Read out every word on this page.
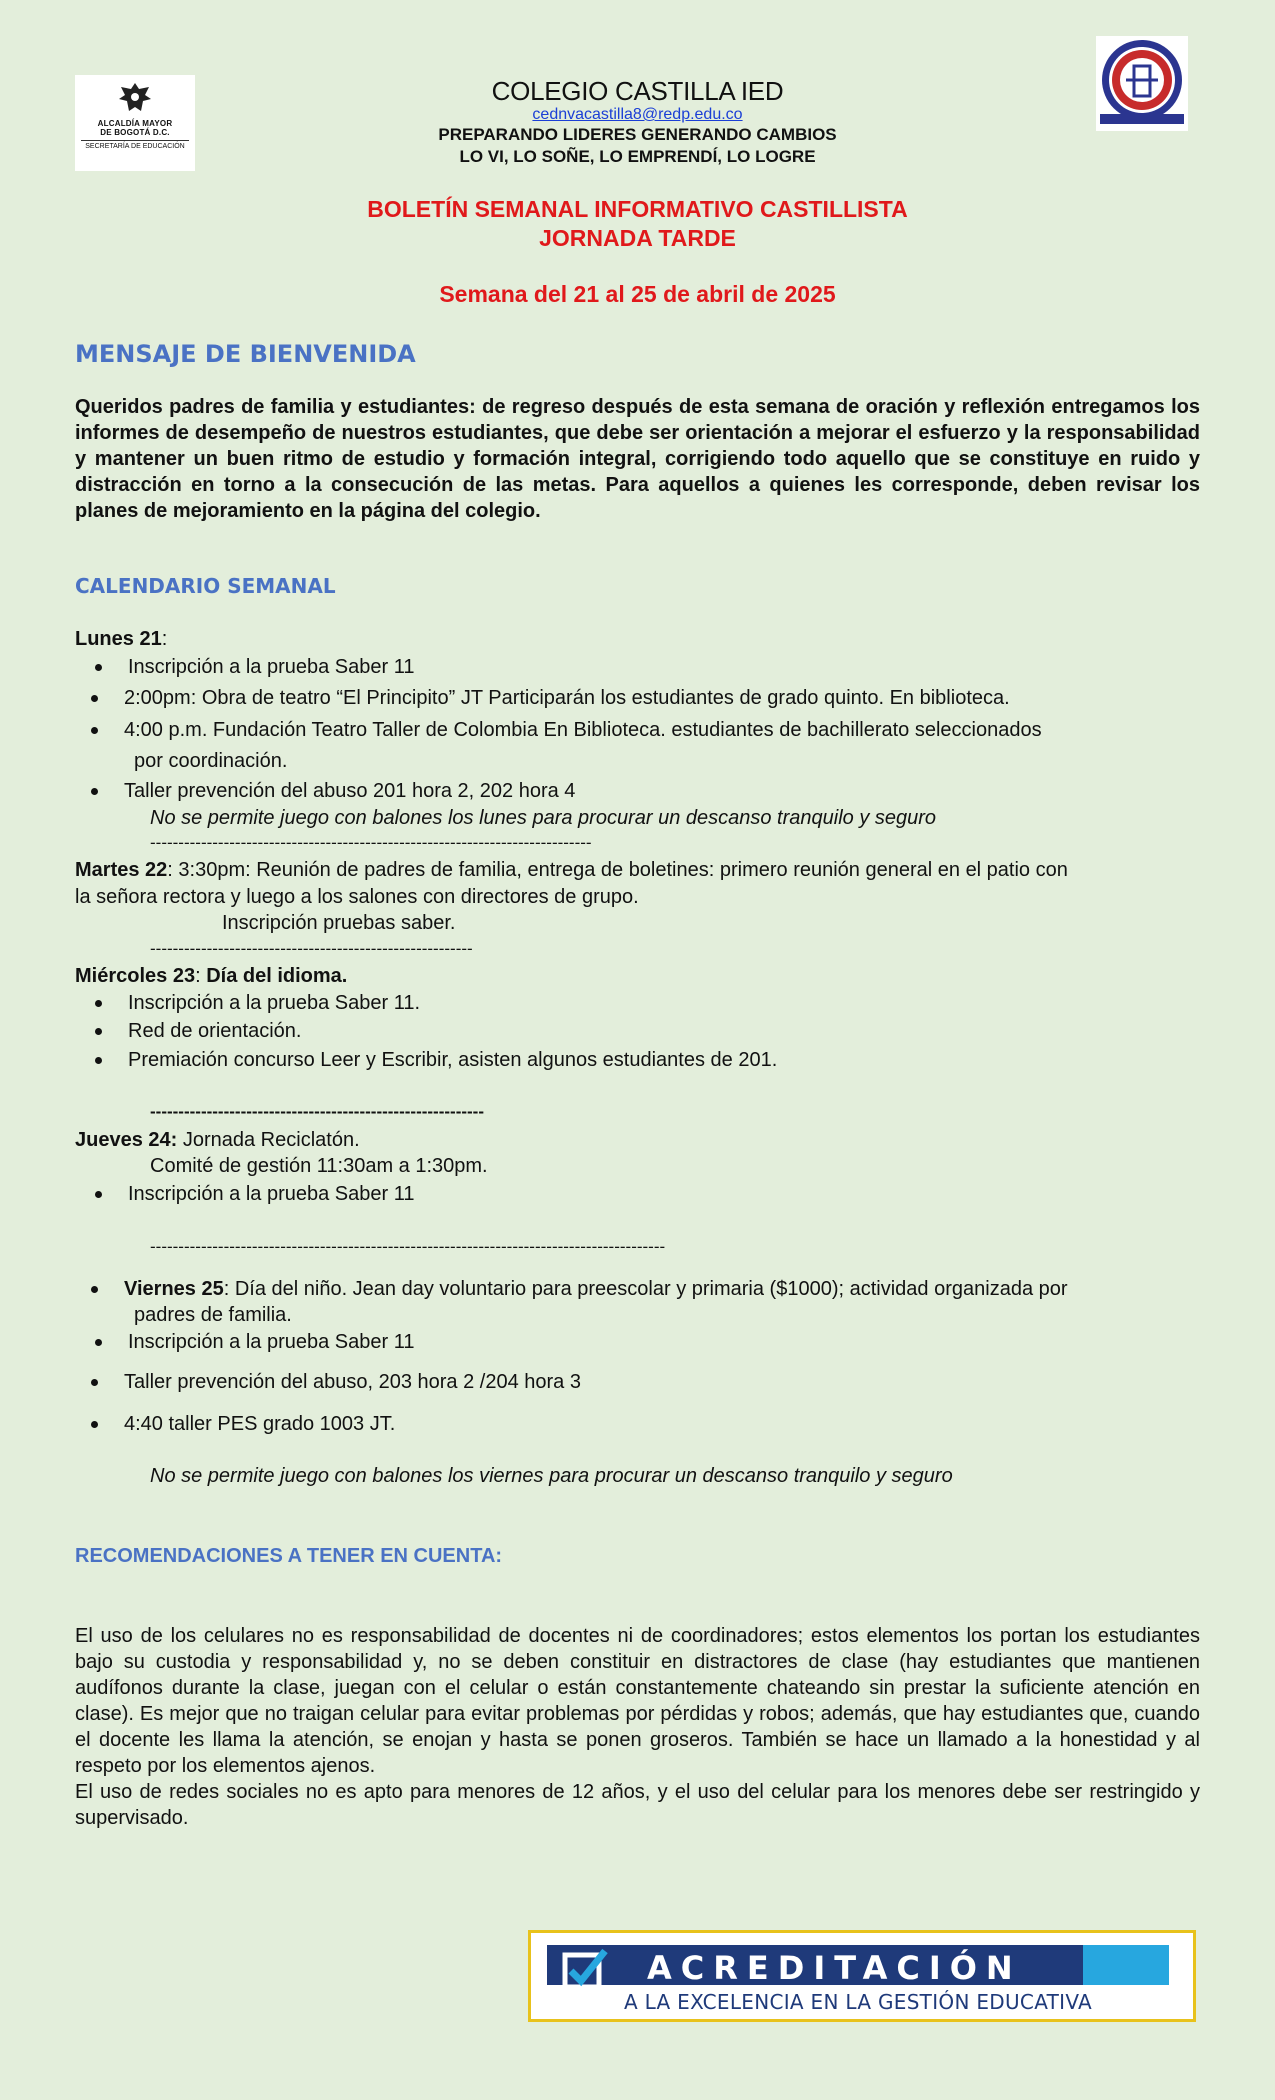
ALCALDÍA MAYOR
DE BOGOTÁ D.C.
SECRETARÍA DE EDUCACIÓN
COLEGIO CASTILLA IED
cednvacastilla8@redp.edu.co
PREPARANDO LIDERES GENERANDO CAMBIOS
LO VI, LO SOÑE, LO EMPRENDÍ, LO LOGRE
BOLETÍN SEMANAL INFORMATIVO CASTILLISTA
JORNADA TARDE
Semana del 21 al 25 de abril de 2025
MENSAJE DE BIENVENIDA
Queridos padres de familia y estudiantes: de regreso después de esta semana de oración y reflexión entregamos los informes de desempeño de nuestros estudiantes, que debe ser orientación a mejorar el esfuerzo y la responsabilidad y mantener un buen ritmo de estudio y formación integral, corrigiendo todo aquello que se constituye en ruido y distracción en torno a la consecución de las metas. Para aquellos a quienes les corresponde, deben revisar los planes de mejoramiento en la página del colegio.
CALENDARIO SEMANAL
Lunes 21:
Inscripción a la prueba Saber 11
2:00pm: Obra de teatro “El Principito” JT Participarán los estudiantes de grado quinto. En biblioteca.
4:00 p.m. Fundación Teatro Taller de Colombia En Biblioteca. estudiantes de bachillerato seleccionados
por coordinación.
Taller prevención del abuso 201 hora 2, 202 hora 4
No se permite juego con balones los lunes para procurar un descanso tranquilo y seguro
------------------------------------------------------------------------------
Martes 22: 3:30pm: Reunión de padres de familia, entrega de boletines: primero reunión general en el patio con
la señora rectora y luego a los salones con directores de grupo.
Inscripción pruebas saber.
---------------------------------------------------------
Miércoles 23: Día del idioma.
Inscripción a la prueba Saber 11.
Red de orientación.
Premiación concurso Leer y Escribir, asisten algunos estudiantes de 201.
-----------------------------------------------------------
Jueves 24: Jornada Reciclatón.
Comité de gestión 11:30am a 1:30pm.
Inscripción a la prueba Saber 11
-------------------------------------------------------------------------------------------
Viernes 25: Día del niño. Jean day voluntario para preescolar y primaria ($1000); actividad organizada por
padres de familia.
Inscripción a la prueba Saber 11
Taller prevención del abuso, 203 hora 2 /204 hora 3
4:40 taller PES grado 1003 JT.
No se permite juego con balones los viernes para procurar un descanso tranquilo y seguro
RECOMENDACIONES A TENER EN CUENTA:

El uso de los celulares no es responsabilidad de docentes ni de coordinadores; estos elementos los portan los estudiantes bajo su custodia y responsabilidad y, no se deben constituir en distractores de clase (hay estudiantes que mantienen audífonos durante la clase, juegan con el celular o están constantemente chateando sin prestar la suficiente atención en clase). Es mejor que no traigan celular para evitar problemas por pérdidas y robos; además, que hay estudiantes que, cuando el docente les llama la atención, se enojan y hasta se ponen groseros. También se hace un llamado a la honestidad y al respeto por los elementos ajenos.

El uso de redes sociales no es apto para menores de 12 años, y el uso del celular para los menores debe ser restringido y supervisado.

ACREDITACIÓN
A LA EXCELENCIA EN LA GESTIÓN EDUCATIVA
